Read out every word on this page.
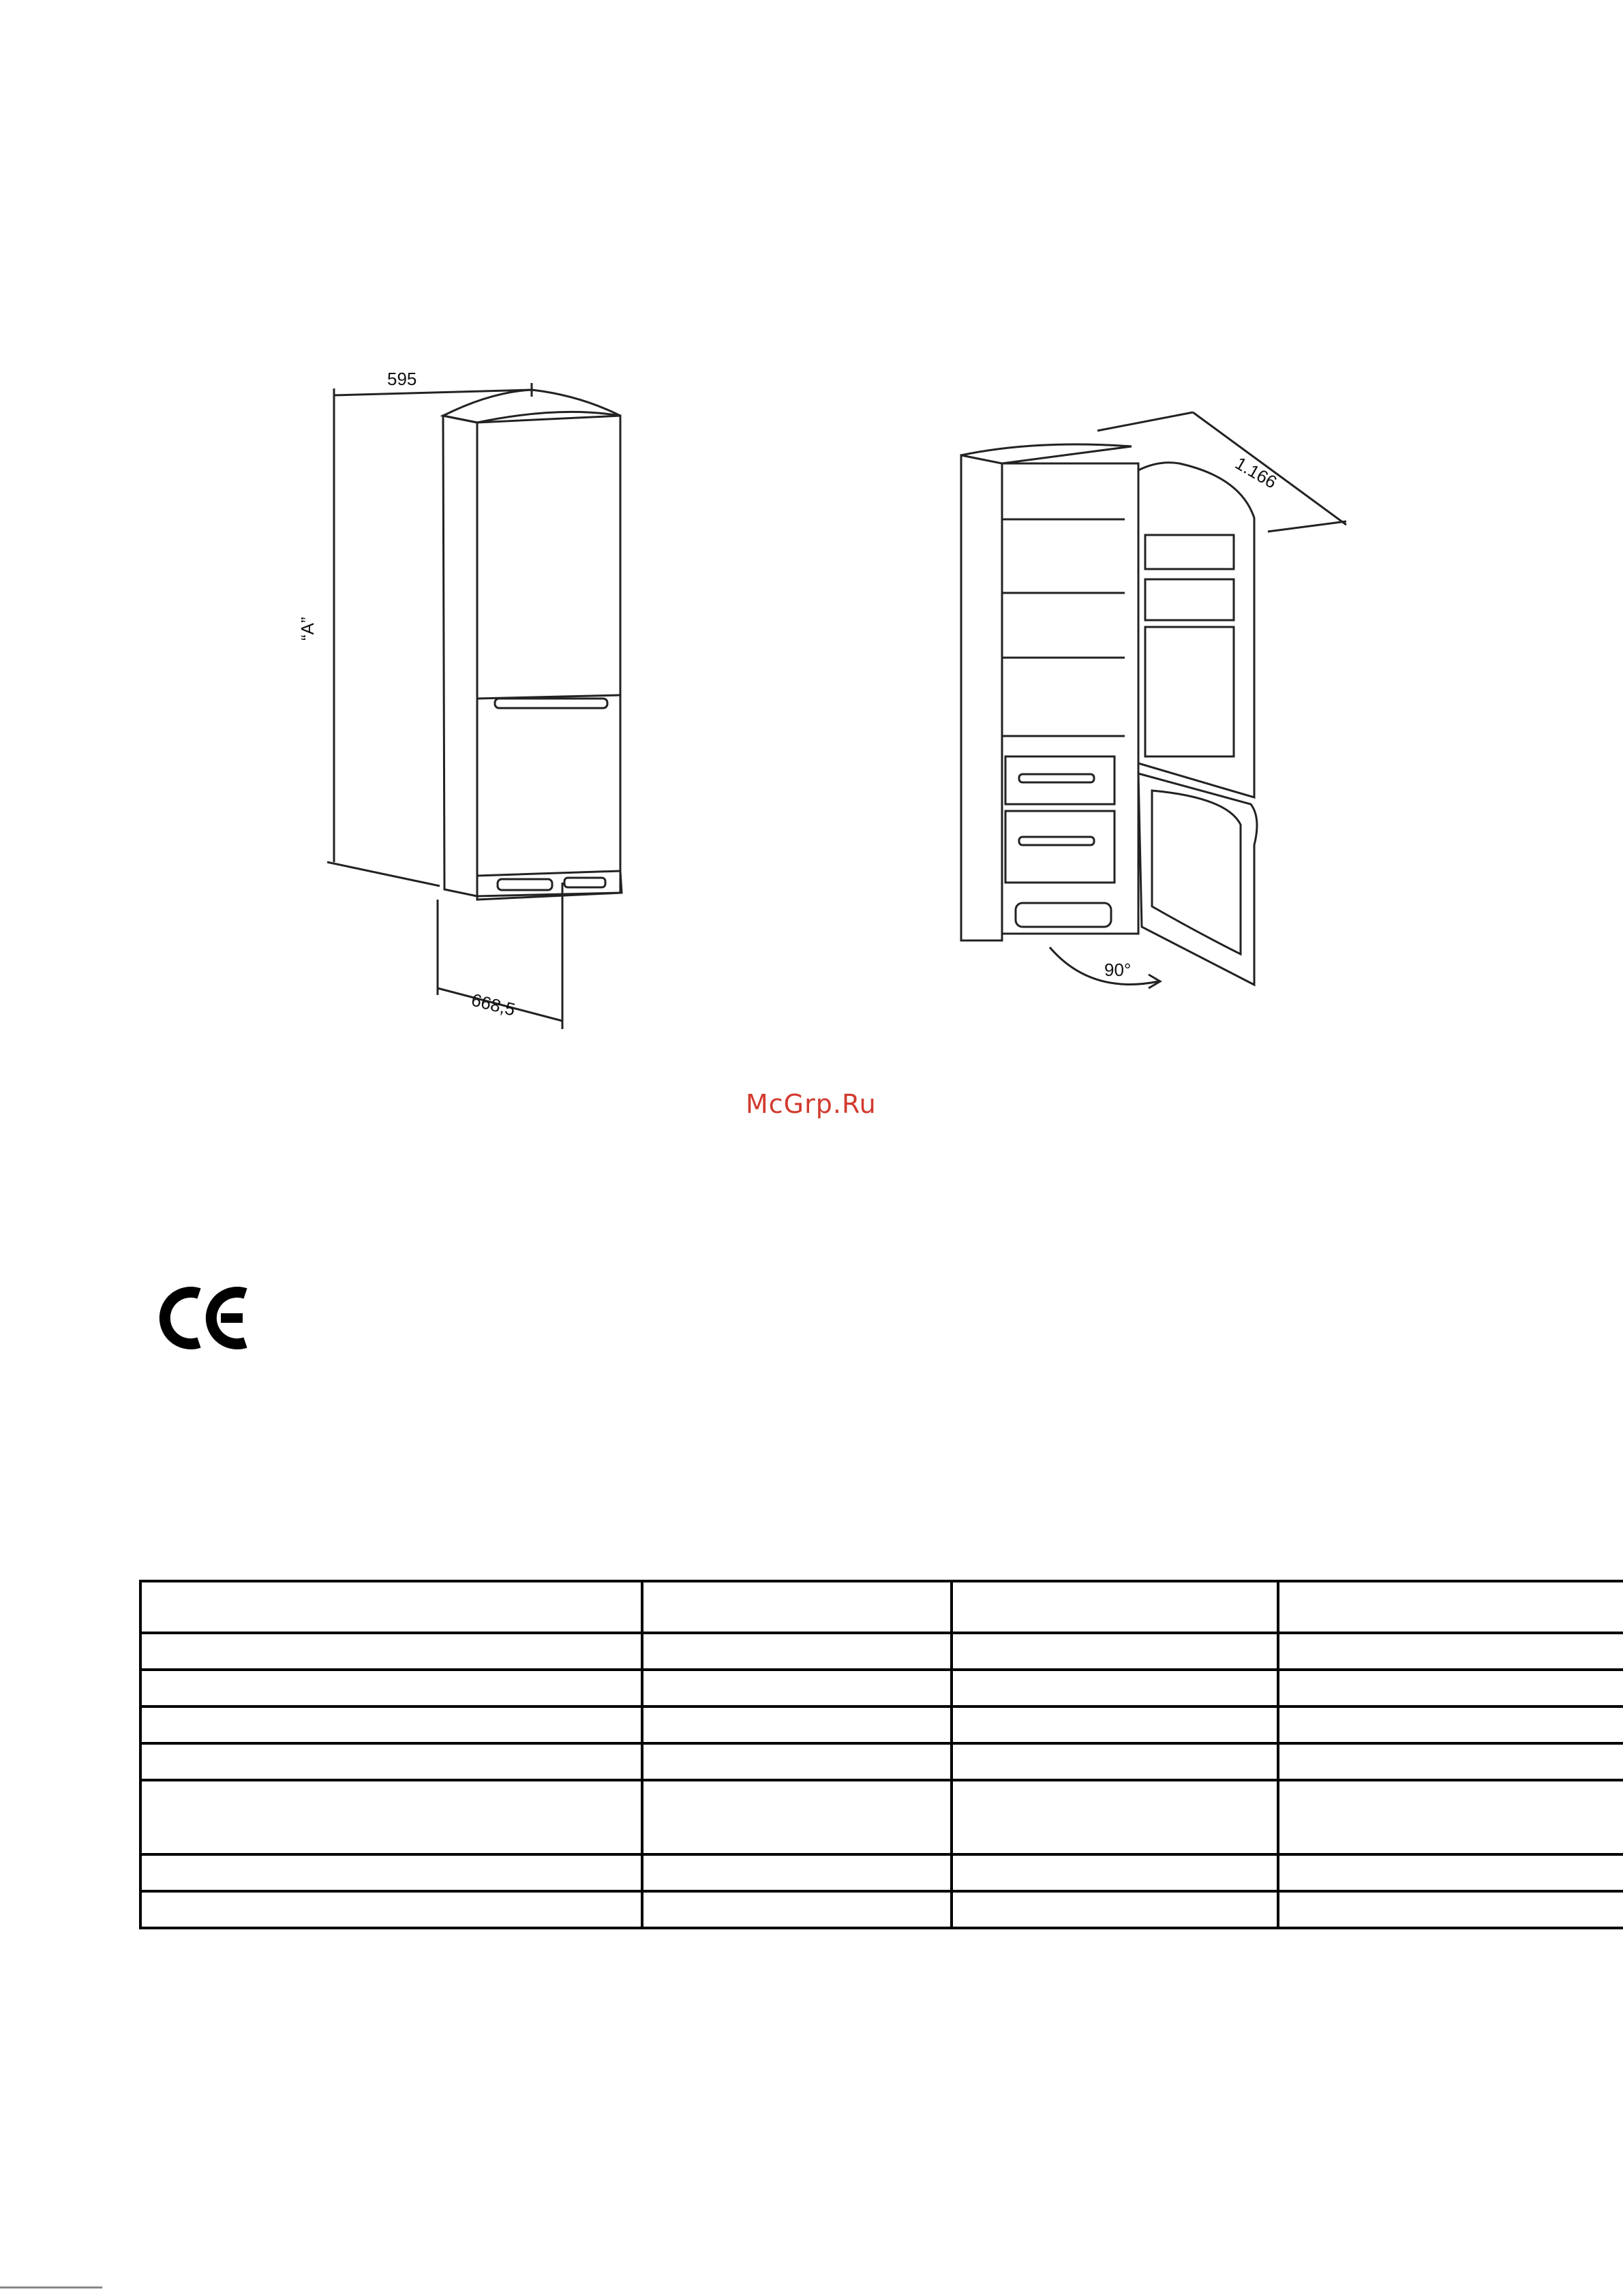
595
“A”
668,5
1.166
90°
McGrp.Ru
